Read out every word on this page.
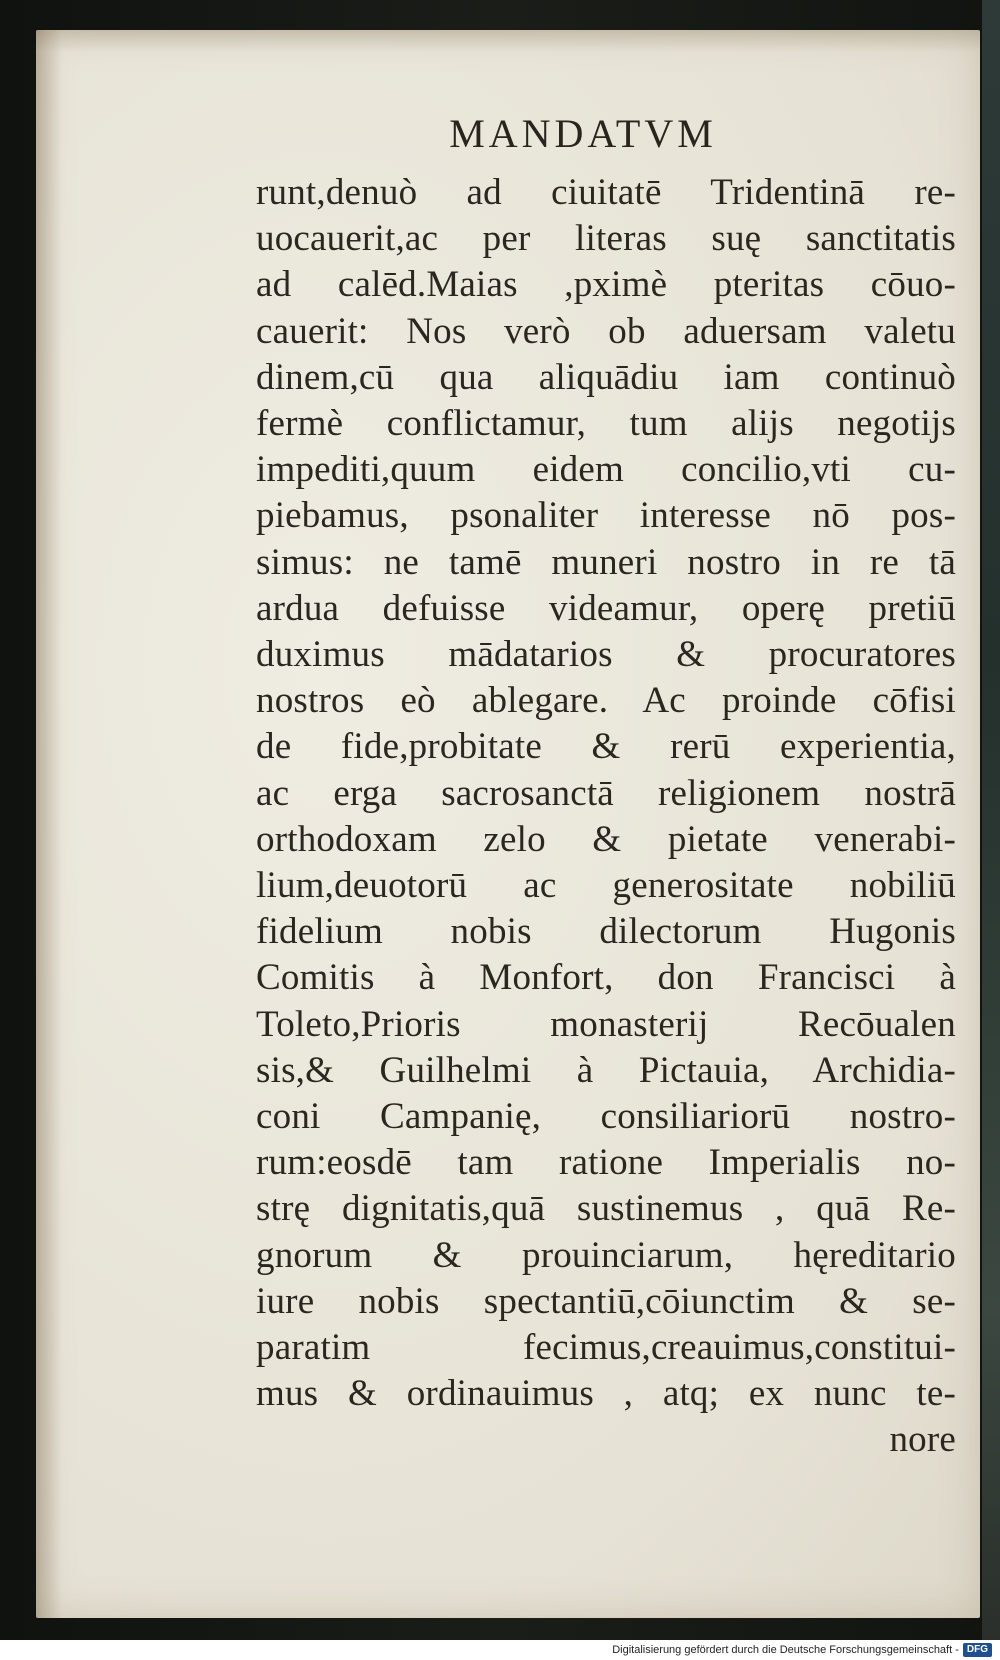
MANDATVM
runt,denuò ad ciuitatē Tridentinā re-
uocauerit,ac per literas suę sanctitatis
ad calēd.Maias ,pximè pteritas cōuo-
cauerit: Nos verò ob aduersam valetu
dinem,cū qua aliquādiu iam continuò
fermè conflictamur, tum alijs negotijs
impediti,quum eidem concilio,vti cu-
piebamus, psonaliter interesse nō pos-
simus: ne tamē muneri nostro in re tā
ardua defuisse videamur, operę pretiū
duximus mādatarios & procuratores
nostros eò ablegare. Ac proinde cōfisi
de fide,probitate & rerū experientia,
ac erga sacrosanctā religionem nostrā
orthodoxam zelo & pietate venerabi-
lium,deuotorū ac generositate nobiliū
fidelium nobis dilectorum Hugonis
Comitis à Monfort, don Francisci à
Toleto,Prioris monasterij Recōualen
sis,& Guilhelmi à Pictauia, Archidia-
coni Campanię, consiliariorū nostro-
rum:eosdē tam ratione Imperialis no-
strę dignitatis,quā sustinemus , quā Re-
gnorum & prouinciarum, hęreditario
iure nobis spectantiū,cōiunctim & se-
paratim fecimus,creauimus,constitui-
mus & ordinauimus , atq; ex nunc te-
nore
Digitalisierung gefördert durch die Deutsche Forschungsgemeinschaft - DFG
